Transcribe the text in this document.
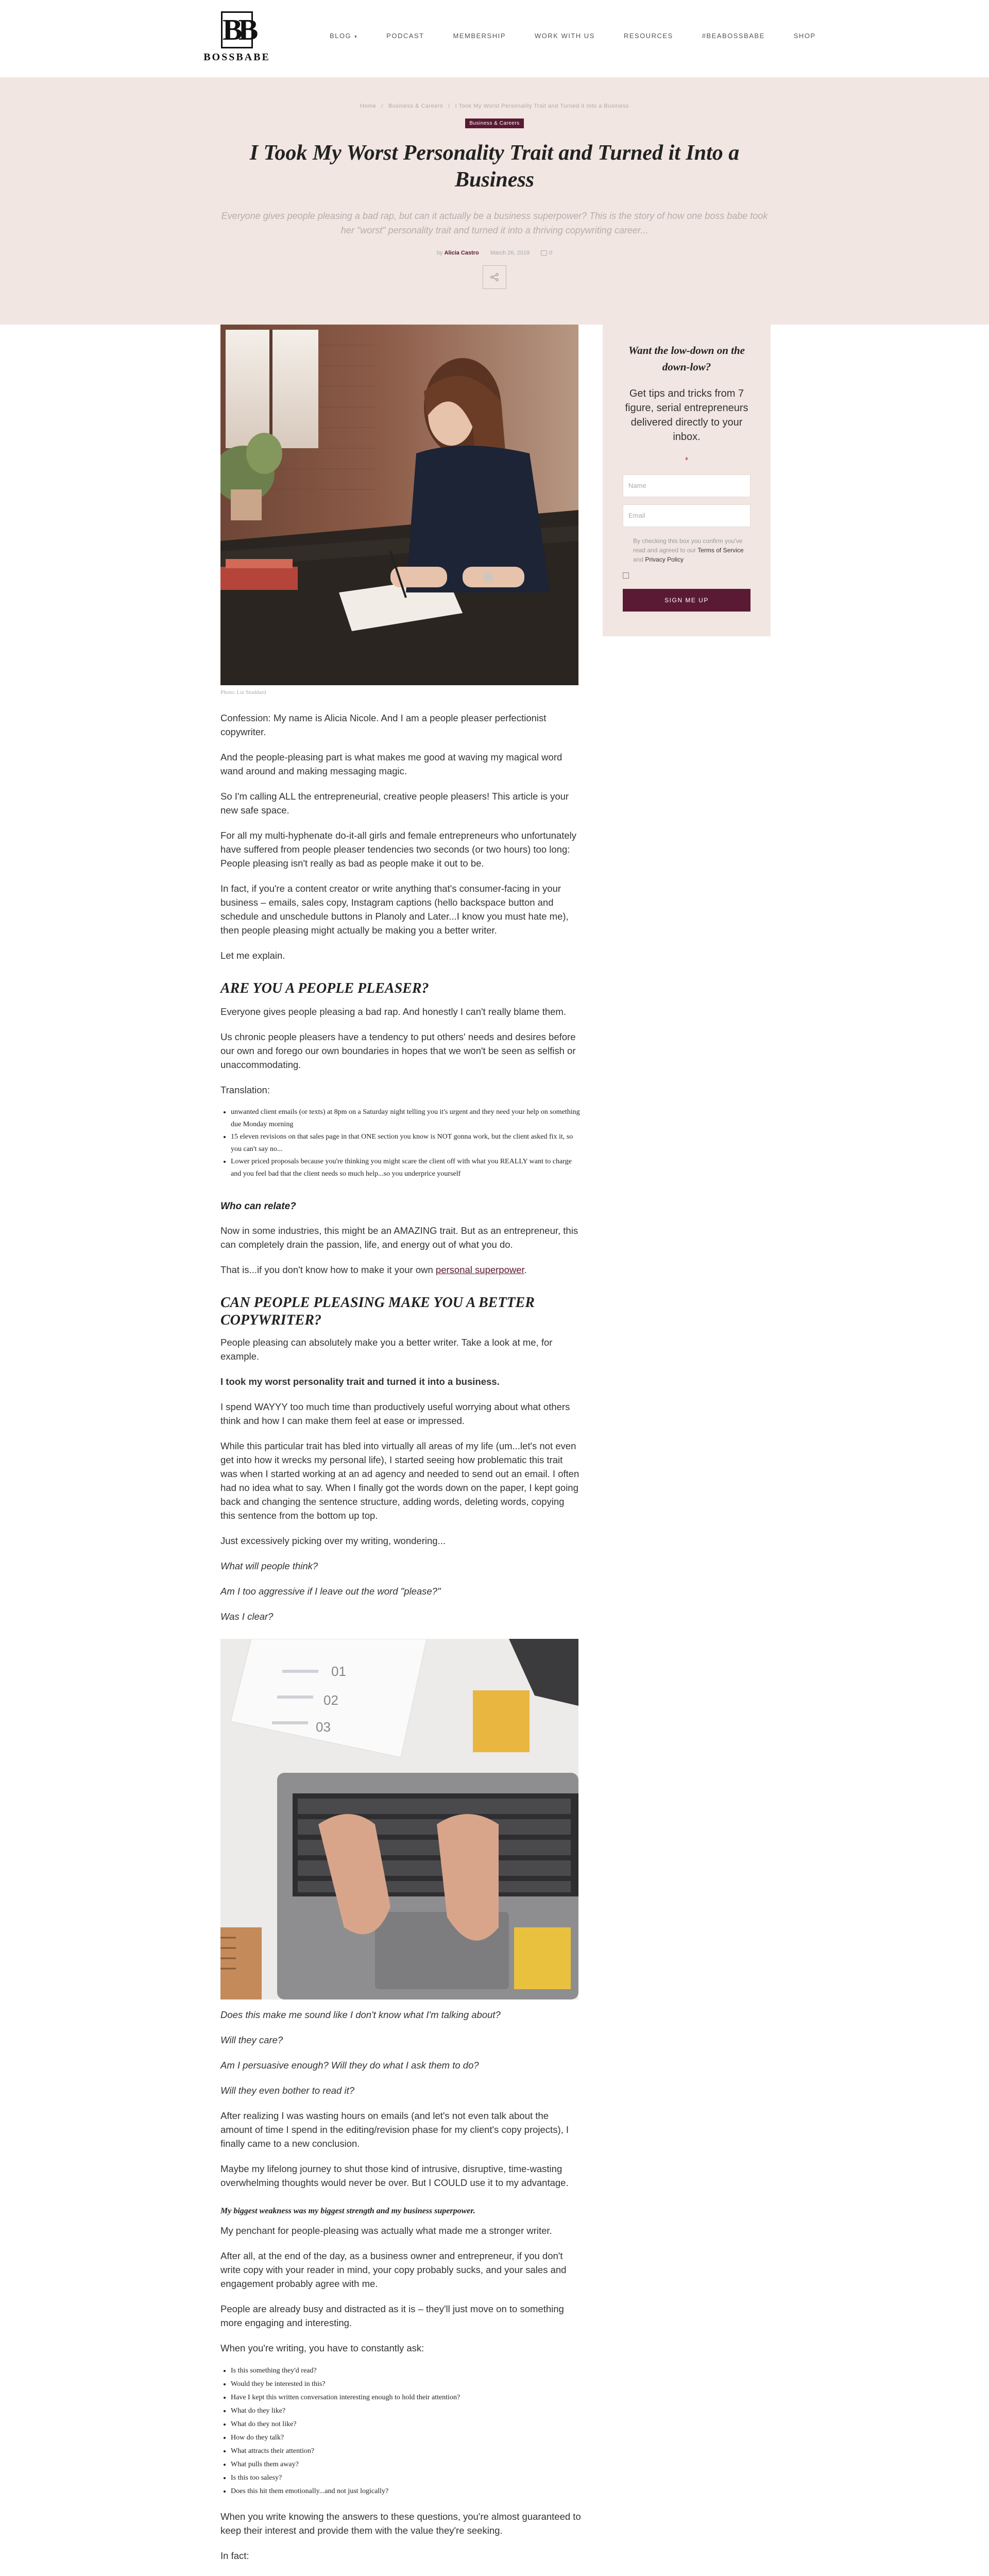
BB
BOSSBABE
BLOG ▾	PODCAST	MEMBERSHIP	WORK WITH US	RESOURCES	#BEABOSSBABE	SHOP
Home / Business & Careers / I Took My Worst Personality Trait and Turned it Into a Business
Business & Careers
I Took My Worst Personality Trait and Turned it Into a Business

Everyone gives people pleasing a bad rap, but can it actually be a business superpower? This is the story of how one boss babe took her "worst" personality trait and turned it into a thriving copywriting career...

by Alicia Castro March 26, 2019	0
Photo: Liz Stoddard

Confession: My name is Alicia Nicole. And I am a people pleaser perfectionist copywriter.

And the people-pleasing part is what makes me good at waving my magical word wand around and making messaging magic.

So I'm calling ALL the entrepreneurial, creative people pleasers! This article is your new safe space.

For all my multi-hyphenate do-it-all girls and female entrepreneurs who unfortunately have suffered from people pleaser tendencies two seconds (or two hours) too long: People pleasing isn't really as bad as people make it out to be.

In fact, if you're a content creator or write anything that's consumer-facing in your business – emails, sales copy, Instagram captions (hello backspace button and schedule and unschedule buttons in Planoly and Later...I know you must hate me), then people pleasing might actually be making you a better writer.

Let me explain.

ARE YOU A PEOPLE PLEASER?

Everyone gives people pleasing a bad rap. And honestly I can't really blame them.

Us chronic people pleasers have a tendency to put others' needs and desires before our own and forego our own boundaries in hopes that we won't be seen as selfish or unaccommodating.

Translation:

• unwanted client emails (or texts) at 8pm on a Saturday night telling you it's urgent and they need your help on something due Monday morning
• 15 eleven revisions on that sales page in that ONE section you know is NOT gonna work, but the client asked fix it, so you can't say no...
• Lower priced proposals because you're thinking you might scare the client off with what you REALLY want to charge and you feel bad that the client needs so much help...so you underprice yourself
Who can relate?

Now in some industries, this might be an AMAZING trait. But as an entrepreneur, this can completely drain the passion, life, and energy out of what you do.

That is...if you don't know how to make it your own personal superpower.

CAN PEOPLE PLEASING MAKE YOU A BETTER COPYWRITER?

People pleasing can absolutely make you a better writer. Take a look at me, for example.

I took my worst personality trait and turned it into a business.

I spend WAYYY too much time than productively useful worrying about what others think and how I can make them feel at ease or impressed.

While this particular trait has bled into virtually all areas of my life (um...let's not even get into how it wrecks my personal life), I started seeing how problematic this trait was when I started working at an ad agency and needed to send out an email. I often had no idea what to say. When I finally got the words down on the paper, I kept going back and changing the sentence structure, adding words, deleting words, copying this sentence from the bottom up top.

Just excessively picking over my writing, wondering...

What will people think?

Am I too aggressive if I leave out the word "please?"

Was I clear?

01
02
03

Does this make me sound like I don't know what I'm talking about?

Will they care?

Am I persuasive enough? Will they do what I ask them to do?

Will they even bother to read it?

After realizing I was wasting hours on emails (and let's not even talk about the amount of time I spend in the editing/revision phase for my client's copy projects), I finally came to a new conclusion.

Maybe my lifelong journey to shut those kind of intrusive, disruptive, time-wasting overwhelming thoughts would never be over. But I COULD use it to my advantage.

My biggest weakness was my biggest strength and my business superpower.

My penchant for people-pleasing was actually what made me a stronger writer.

After all, at the end of the day, as a business owner and entrepreneur, if you don't write copy with your reader in mind, your copy probably sucks, and your sales and engagement probably agree with me.

People are already busy and distracted as it is – they'll just move on to something more engaging and interesting.

When you're writing, you have to constantly ask:

• Is this something they'd read?
• Would they be interested in this?
• Have I kept this written conversation interesting enough to hold their attention?
• What do they like?
• What do they not like?
• How do they talk?
• What attracts their attention?
• What pulls them away?
• Is this too salesy?
• Does this hit them emotionally...and not just logically?

When you write knowing the answers to these questions, you're almost guaranteed to keep their interest and provide them with the value they're seeking.

In fact:

Want the low-down on the down-low?
Get tips and tricks from 7 figure, serial entrepreneurs delivered directly to your inbox.
♦
Name
Email
By checking this box you confirm you've read and agreed to our Terms of Service and Privacy Policy
SIGN ME UP
